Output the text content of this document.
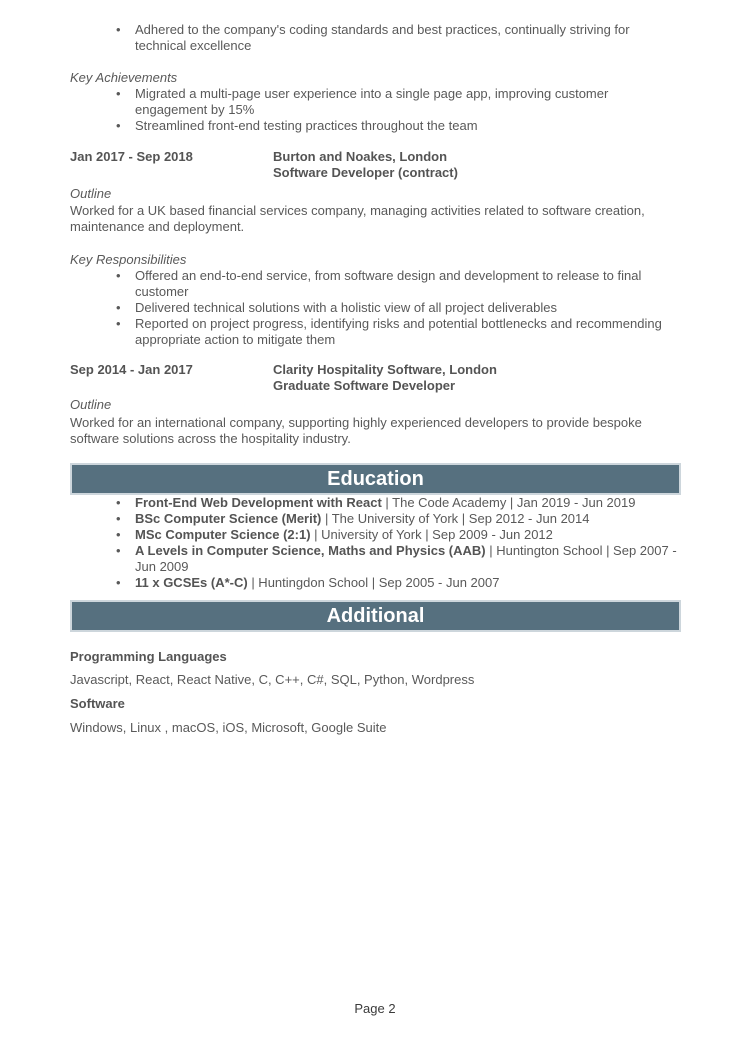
• Adhered to the company's coding standards and best practices, continually striving for technical excellence
Key Achievements
• Migrated a multi-page user experience into a single page app, improving customer engagement by 15%
• Streamlined front-end testing practices throughout the team
Jan 2017 - Sep 2018	Burton and Noakes, London
Software Developer (contract)
Outline
Worked for a UK based financial services company, managing activities related to software creation, maintenance and deployment.
Key Responsibilities
• Offered an end-to-end service, from software design and development to release to final customer
• Delivered technical solutions with a holistic view of all project deliverables
• Reported on project progress, identifying risks and potential bottlenecks and recommending appropriate action to mitigate them
Sep 2014 - Jan 2017	Clarity Hospitality Software, London
Graduate Software Developer
Outline
Worked for an international company, supporting highly experienced developers to provide bespoke software solutions across the hospitality industry.
Education
• Front-End Web Development with React | The Code Academy | Jan 2019 - Jun 2019
• BSc Computer Science (Merit) | The University of York | Sep 2012 - Jun 2014
• MSc Computer Science (2:1) | University of York | Sep 2009 - Jun 2012
• A Levels in Computer Science, Maths and Physics (AAB) | Huntington School | Sep 2007 - Jun 2009
• 11 x GCSEs (A*-C) | Huntingdon School | Sep 2005 - Jun 2007
Additional
Programming Languages
Javascript, React, React Native, C, C++, C#, SQL, Python, Wordpress
Software
Windows, Linux , macOS, iOS, Microsoft, Google Suite
Page 2
